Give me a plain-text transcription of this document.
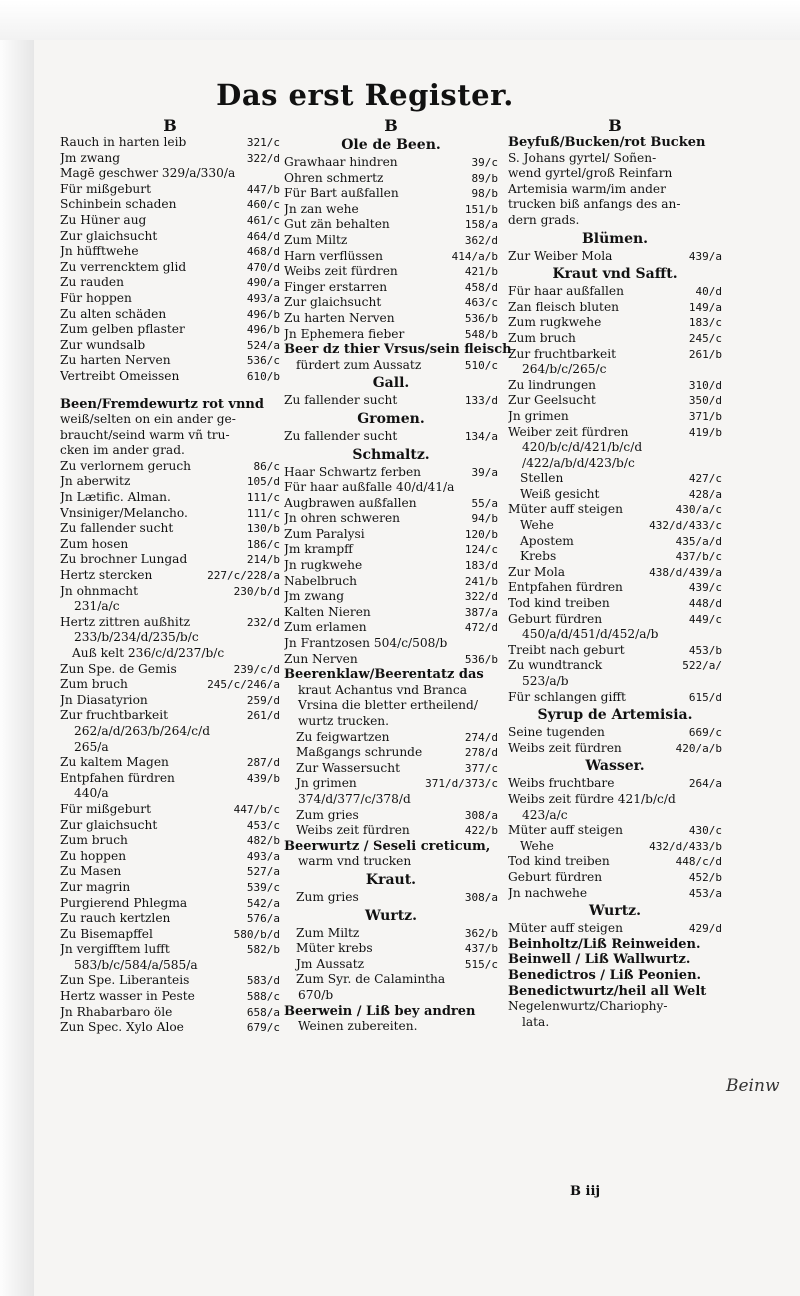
Das erst Register.
B
Rauch in harten leib	321/c
Jm zwang	322/d
Magē geschwer 329/a/330/a
Für mißgeburt	447/b
Schinbein schaden	460/c
Zu Hüner aug	461/c
Zur glaichsucht	464/d
Jn hüfftwehe	468/d
Zu verrencktem glid	470/d
Zu rauden	490/a
Für hoppen	493/a
Zu alten schäden	496/b
Zum gelben pflaster	496/b
Zur wundsalb	524/a
Zu harten Nerven	536/c
Vertreibt Omeissen	610/b
Been/Fremdewurtz rot vnnd
weiß/selten on ein ander ge-
braucht/seind warm vñ tru-
cken im ander grad.
Zu verlornem geruch	86/c
Jn aberwitz	105/d
Jn Lætific. Alman.	111/c
Vnsiniger/Melancho.	111/c
Zu fallender sucht	130/b
Zum hosen	186/c
Zu brochner Lungad	214/b
Hertz stercken	227/c/228/a
Jn ohnmacht	230/b/d
231/a/c
Hertz zittren außhitz	232/d
233/b/234/d/235/b/c
Auß kelt 236/c/d/237/b/c
Zun Spe. de Gemis	239/c/d
Zum bruch	245/c/246/a
Jn Diasatyrion	259/d
Zur fruchtbarkeit	261/d
262/a/d/263/b/264/c/d
265/a
Zu kaltem Magen	287/d
Entpfahen fürdren	439/b
440/a
Für mißgeburt	447/b/c
Zur glaichsucht	453/c
Zum bruch	482/b
Zu hoppen	493/a
Zu Masen	527/a
Zur magrin	539/c
Purgierend Phlegma	542/a
Zu rauch kertzlen	576/a
Zu Bisemapffel	580/b/d
Jn vergifftem lufft	582/b
583/b/c/584/a/585/a
Zun Spe. Liberanteis	583/d
Hertz wasser in Peste	588/c
Jn Rhabarbaro öle	658/a
Zun Spec. Xylo Aloe	679/c
B
Ole de Been.
Grawhaar hindren	39/c
Ohren schmertz	89/b
Für Bart außfallen	98/b
Jn zan wehe	151/b
Gut zän behalten	158/a
Zum Miltz	362/d
Harn verflüssen	414/a/b
Weibs zeit fürdren	421/b
Finger erstarren	458/d
Zur glaichsucht	463/c
Zu harten Nerven	536/b
Jn Ephemera fieber	548/b
Beer dz thier Vrsus/sein fleisch
fürdert zum Aussatz	510/c
Gall.
Zu fallender sucht	133/d
Gromen.
Zu fallender sucht	134/a
Schmaltz.
Haar Schwartz ferben	39/a
Für haar außfalle 40/d/41/a
Augbrawen außfallen	55/a
Jn ohren schweren	94/b
Zum Paralysi	120/b
Jm krampff	124/c
Jn rugkwehe	183/d
Nabelbruch	241/b
Jm zwang	322/d
Kalten Nieren	387/a
Zum erlamen	472/d
Jn Frantzosen 504/c/508/b
Zun Nerven	536/b
Beerenklaw/Beerentatz das
kraut Achantus vnd Branca
Vrsina die bletter ertheilend/
wurtz trucken.
Zu feigwartzen	274/d
Maßgangs schrunde	278/d
Zur Wassersucht	377/c
Jn grimen	371/d/373/c
374/d/377/c/378/d
Zum gries	308/a
Weibs zeit fürdren	422/b
Beerwurtz / Seseli creticum,
warm vnd trucken
Kraut.
Zum gries	308/a
Wurtz.
Zum Miltz	362/b
Müter krebs	437/b
Jm Aussatz	515/c
Zum Syr. de Calamintha
670/b
Beerwein / Liß bey andren
Weinen zubereiten.
B
Beyfuß/Bucken/rot Bucken
S. Johans gyrtel/ Soñen-
wend gyrtel/groß Reinfarn
Artemisia warm/im ander
trucken biß anfangs des an-
dern grads.
Blümen.
Zur Weiber Mola	439/a
Kraut vnd Safft.
Für haar außfallen	40/d
Zan fleisch bluten	149/a
Zum rugkwehe	183/c
Zum bruch	245/c
Zur fruchtbarkeit	261/b
264/b/c/265/c
Zu lindrungen	310/d
Zur Geelsucht	350/d
Jn grimen	371/b
Weiber zeit fürdren	419/b
420/b/c/d/421/b/c/d
/422/a/b/d/423/b/c
Stellen	427/c
Weiß gesicht	428/a
Müter auff steigen	430/a/c
Wehe	432/d/433/c
Apostem	435/a/d
Krebs	437/b/c
Zur Mola	438/d/439/a
Entpfahen fürdren	439/c
Tod kind treiben	448/d
Geburt fürdren	449/c
450/a/d/451/d/452/a/b
Treibt nach geburt	453/b
Zu wundtranck	522/a/
523/a/b
Für schlangen gifft	615/d
Syrup de Artemisia.
Seine tugenden	669/c
Weibs zeit fürdren	420/a/b
Wasser.
Weibs fruchtbare	264/a
Weibs zeit fürdre 421/b/c/d
423/a/c
Müter auff steigen	430/c
Wehe	432/d/433/b
Tod kind treiben	448/c/d
Geburt fürdren	452/b
Jn nachwehe	453/a
Wurtz.
Müter auff steigen	429/d
Beinholtz/Liß Reinweiden.
Beinwell / Liß Wallwurtz.
Benedictros / Liß Peonien.
Benedictwurtz/heil all Welt
Negelenwurtz/Chariophy-
lata.
Beinw
B iij
